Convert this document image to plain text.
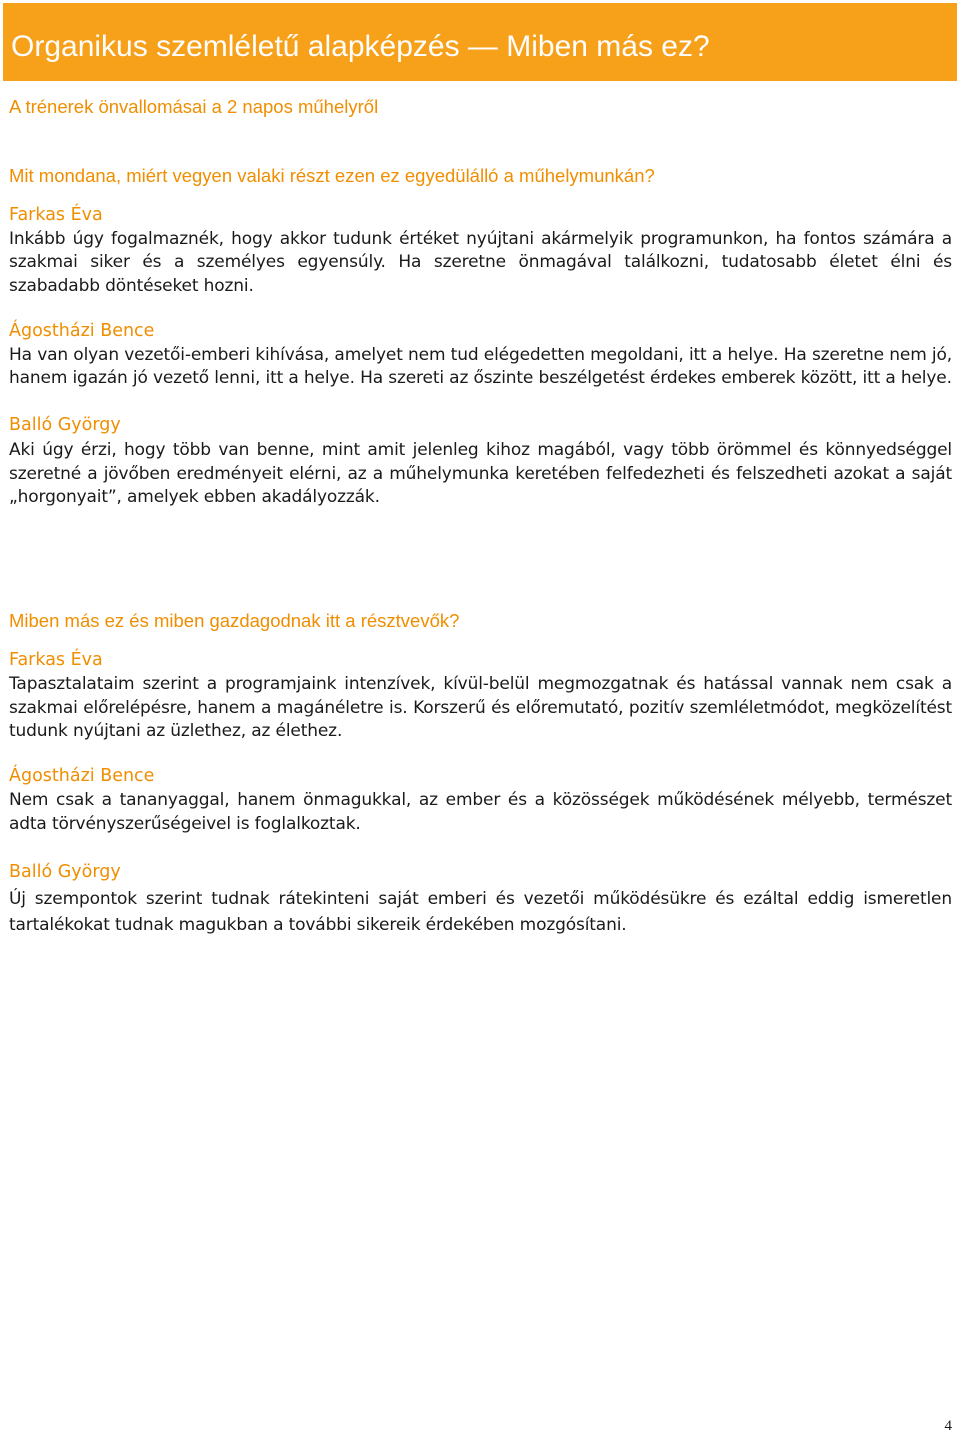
Organikus szemléletű alapképzés — Miben más ez?

A trénerek önvallomásai a 2 napos műhelyről

Mit mondana, miért vegyen valaki részt ezen ez egyedülálló a műhelymunkán?

Farkas Éva

Inkább úgy fogalmaznék, hogy akkor tudunk értéket nyújtani akármelyik programunkon, ha fontos számára a szakmai siker és a személyes egyensúly. Ha szeretne önmagával találkozni, tudatosabb életet élni és szabadabb döntéseket hozni.

Ágostházi Bence

Ha van olyan vezetői-emberi kihívása, amelyet nem tud elégedetten megoldani, itt a helye. Ha szeretne nem jó, hanem igazán jó vezető lenni, itt a helye. Ha szereti az őszinte beszélgetést érdekes emberek között, itt a helye.

Balló György

Aki úgy érzi, hogy több van benne, mint amit jelenleg kihoz magából, vagy több örömmel és könnyedséggel szeretné a jövőben eredményeit elérni, az a műhelymunka keretében felfedezheti és felszedheti azokat a saját „horgonyait”, amelyek ebben akadályozzák.

Miben más ez és miben gazdagodnak itt a résztvevők?

Farkas Éva

Tapasztalataim szerint a programjaink intenzívek, kívül-belül megmozgatnak és hatással vannak nem csak a szakmai előrelépésre, hanem a magánéletre is. Korszerű és előremutató, pozitív szemléletmódot, megközelítést tudunk nyújtani az üzlethez, az élethez.

Ágostházi Bence

Nem csak a tananyaggal, hanem önmagukkal, az ember és a közösségek működésének mélyebb, természet adta törvényszerűségeivel is foglalkoztak.

Balló György

Új szempontok szerint tudnak rátekinteni saját emberi és vezetői működésükre és ezáltal eddig ismeretlen tartalékokat tudnak magukban a további sikereik érdekében mozgósítani.

4
